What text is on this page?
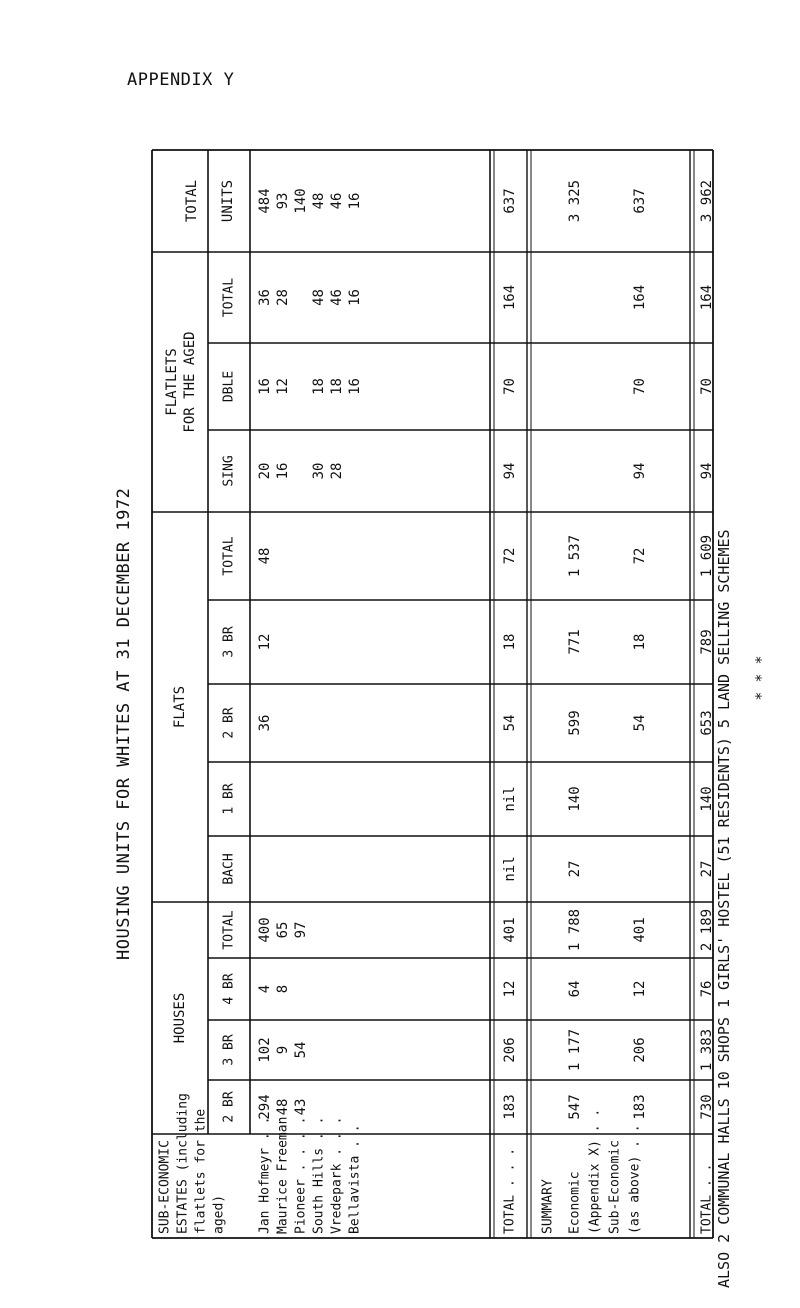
APPENDIX Y
HOUSING UNITS FOR WHITES AT 31 DECEMBER 1972
TOTAL UNITS
FLATLETS FOR THE AGED
FLATS
HOUSES
TOTAL
DBLE
SING
TOTAL
3 BR
2 BR
1 BR
BACH
TOTAL
4 BR
3 BR
2 BR 294
102
4
400
36
12
48
20
16
36
484
48
9
8
65
16
12
28
93
43
54
97
140
30
18
48
48
28
18
46
46
16
16
16
183
206
12
401
nil
nil
54
18
72
94
70
164
637
547
1 177
64
1 788
27
140
599
771
1 537
3 325
183
206
12
401
54
18
72
94
70
164
637
730
1 383
76
2 189
27
140
653
789
1 609
94
70
164
3 962
SUB-ECONOMIC ESTATES (including flatlets for the aged) Jan Hofmeyr . . Maurice Freeman Pioneer . . . . South Hills . . Vredepark . . . Bellavista . .	TOTAL . . . SUMMARY Economic (Appendix X) . . Sub-Economic (as above) . .	TOTAL . . ALSO 2 COMMUNAL HALLS 10 SHOPS 1 GIRLS' HOSTEL (51 RESIDENTS) 5 LAND SELLING SCHEMES * * *
